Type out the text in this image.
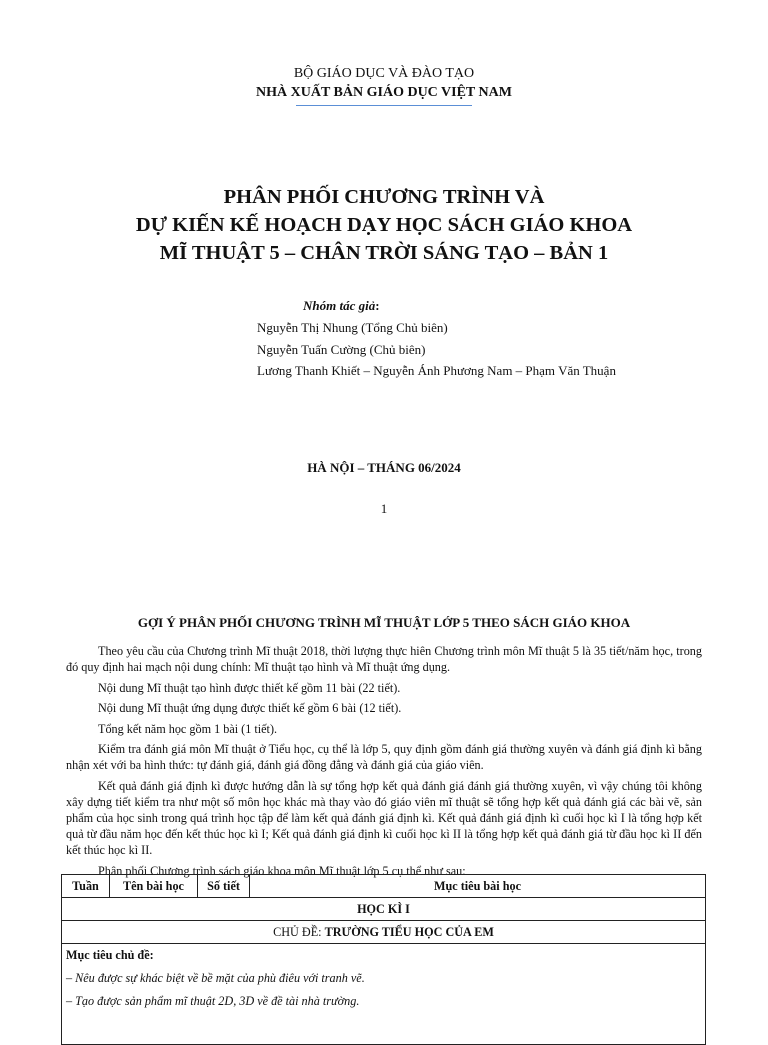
BỘ GIÁO DỤC VÀ ĐÀO TẠO
NHÀ XUẤT BẢN GIÁO DỤC VIỆT NAM
PHÂN PHỐI CHƯƠNG TRÌNH VÀ
DỰ KIẾN KẾ HOẠCH DẠY HỌC SÁCH GIÁO KHOA
MĨ THUẬT 5 – CHÂN TRỜI SÁNG TẠO – BẢN 1
Nhóm tác giả:
Nguyễn Thị Nhung (Tổng Chủ biên)
Nguyễn Tuấn Cường (Chủ biên)
Lương Thanh Khiết – Nguyễn Ánh Phương Nam – Phạm Văn Thuận
HÀ NỘI – THÁNG 06/2024
1
GỢI Ý PHÂN PHỐI CHƯƠNG TRÌNH MĨ THUẬT LỚP 5 THEO SÁCH GIÁO KHOA

Theo yêu cầu của Chương trình Mĩ thuật 2018, thời lượng thực hiên Chương trình môn Mĩ thuật 5 là 35 tiết/năm học, trong đó quy định hai mạch nội dung chính: Mĩ thuật tạo hình và Mĩ thuật ứng dụng.

Nội dung Mĩ thuật tạo hình được thiết kế gồm 11 bài (22 tiết).

Nội dung Mĩ thuật ứng dụng được thiết kế gồm 6 bài (12 tiết).

Tổng kết năm học gồm 1 bài (1 tiết).

Kiểm tra đánh giá môn Mĩ thuật ở Tiểu học, cụ thể là lớp 5, quy định gồm đánh giá thường xuyên và đánh giá định kì bằng nhận xét với ba hình thức: tự đánh giá, đánh giá đồng đẳng và đánh giá của giáo viên.

Kết quả đánh giá định kì được hướng dẫn là sự tổng hợp kết quả đánh giá đánh giá thường xuyên, vì vậy chúng tôi không xây dựng tiết kiểm tra như một số môn học khác mà thay vào đó giáo viên mĩ thuật sẽ tổng hợp kết quả đánh giá các bài vẽ, sản phẩm của học sinh trong quá trình học tập để làm kết quả đánh giá định kì. Kết quả đánh giá định kì cuối học kì I là tổng hợp kết quả từ đầu năm học đến kết thúc học kì I; Kết quả đánh giá định kì cuối học kì II là tổng hợp kết quả đánh giá từ đầu học kì II đến kết thúc học kì II.

Phân phối Chương trình sách giáo khoa môn Mĩ thuật lớp 5 cụ thể như sau:

Tuần	Tên bài học	Số tiết	Mục tiêu bài học
HỌC KÌ I
CHỦ ĐỀ: TRƯỜNG TIỂU HỌC CỦA EM

Mục tiêu chủ đề:
– Nêu được sự khác biệt về bề mặt của phù điêu với tranh vẽ.
– Tạo được sản phẩm mĩ thuật 2D, 3D về đề tài nhà trường.
